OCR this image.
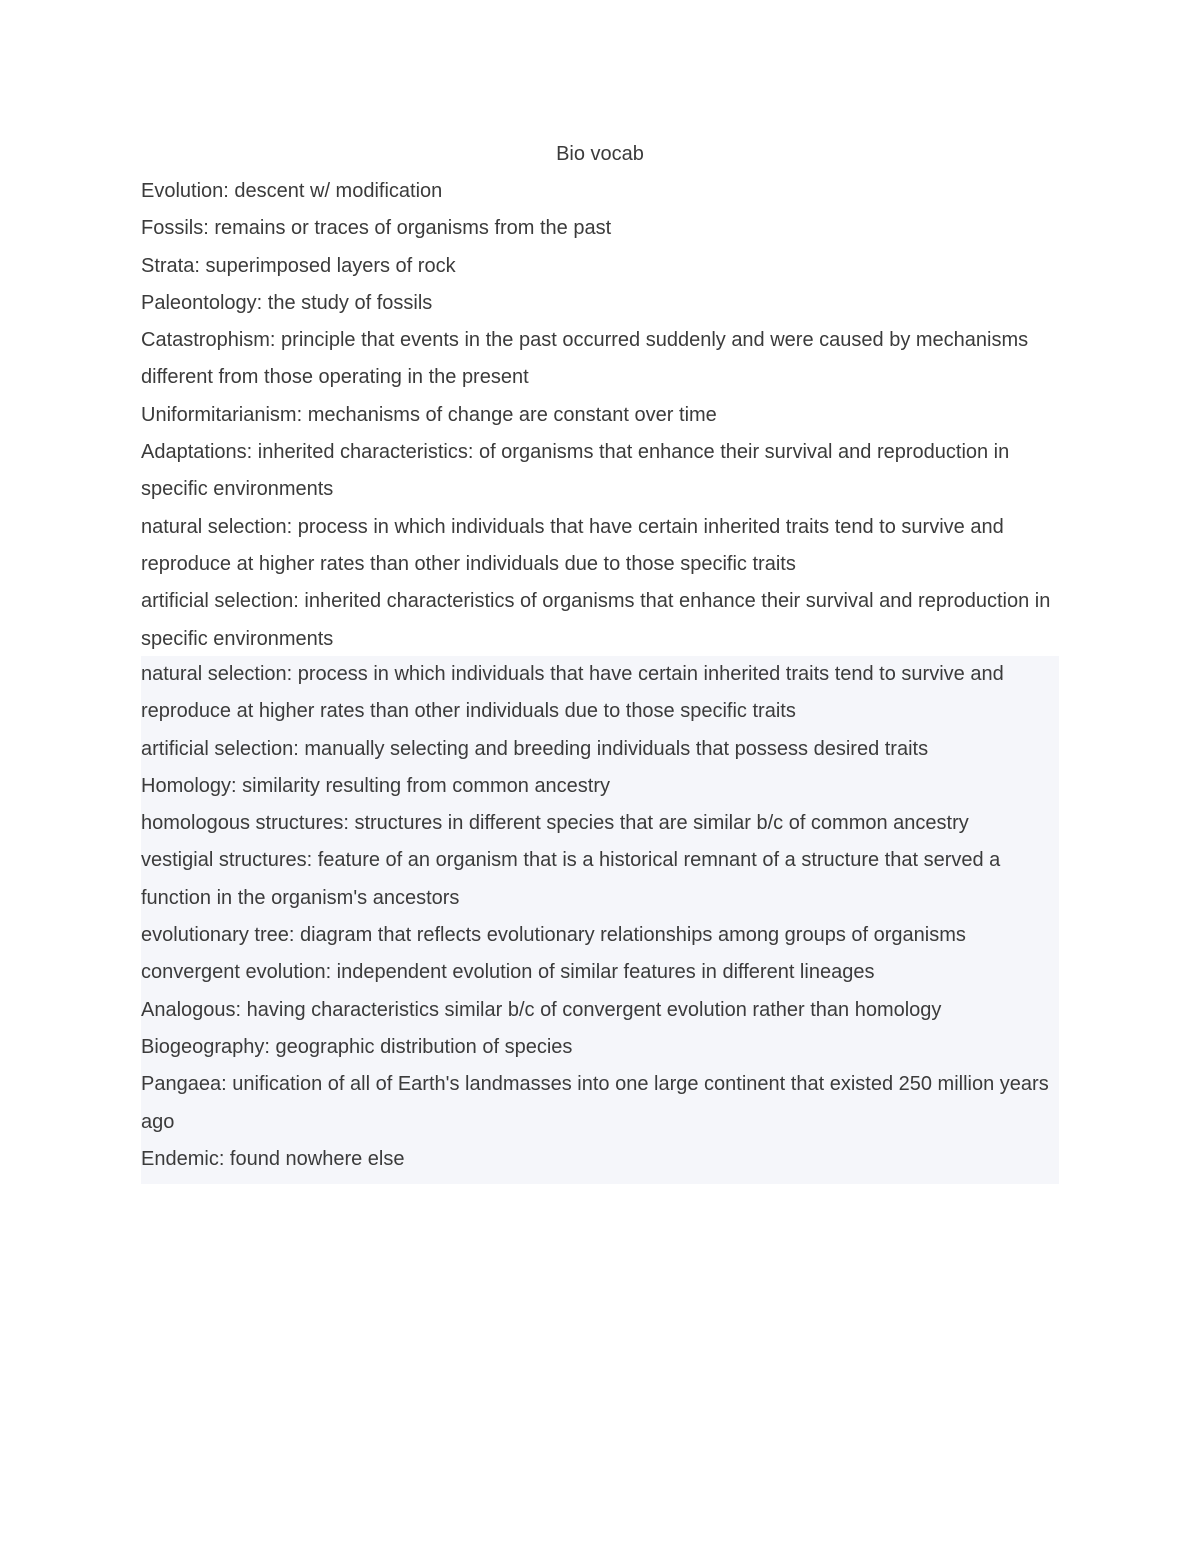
Bio vocab

Evolution: descent w/ modification

Fossils: remains or traces of organisms from the past

Strata: superimposed layers of rock

Paleontology: the study of fossils

Catastrophism: principle that events in the past occurred suddenly and were caused by mechanisms different from those operating in the present

Uniformitarianism: mechanisms of change are constant over time

Adaptations: inherited characteristics: of organisms that enhance their survival and reproduction in specific environments

natural selection: process in which individuals that have certain inherited traits tend to survive and reproduce at higher rates than other individuals due to those specific traits

artificial selection: inherited characteristics of organisms that enhance their survival and reproduction in specific environments

natural selection: process in which individuals that have certain inherited traits tend to survive and reproduce at higher rates than other individuals due to those specific traits

artificial selection: manually selecting and breeding individuals that possess desired traits

Homology: similarity resulting from common ancestry

homologous structures: structures in different species that are similar b/c of common ancestry

vestigial structures: feature of an organism that is a historical remnant of a structure that served a function in the organism's ancestors

evolutionary tree: diagram that reflects evolutionary relationships among groups of organisms

convergent evolution: independent evolution of similar features in different lineages

Analogous: having characteristics similar b/c of convergent evolution rather than homology

Biogeography: geographic distribution of species

Pangaea: unification of all of Earth's landmasses into one large continent that existed 250 million years ago

Endemic: found nowhere else
